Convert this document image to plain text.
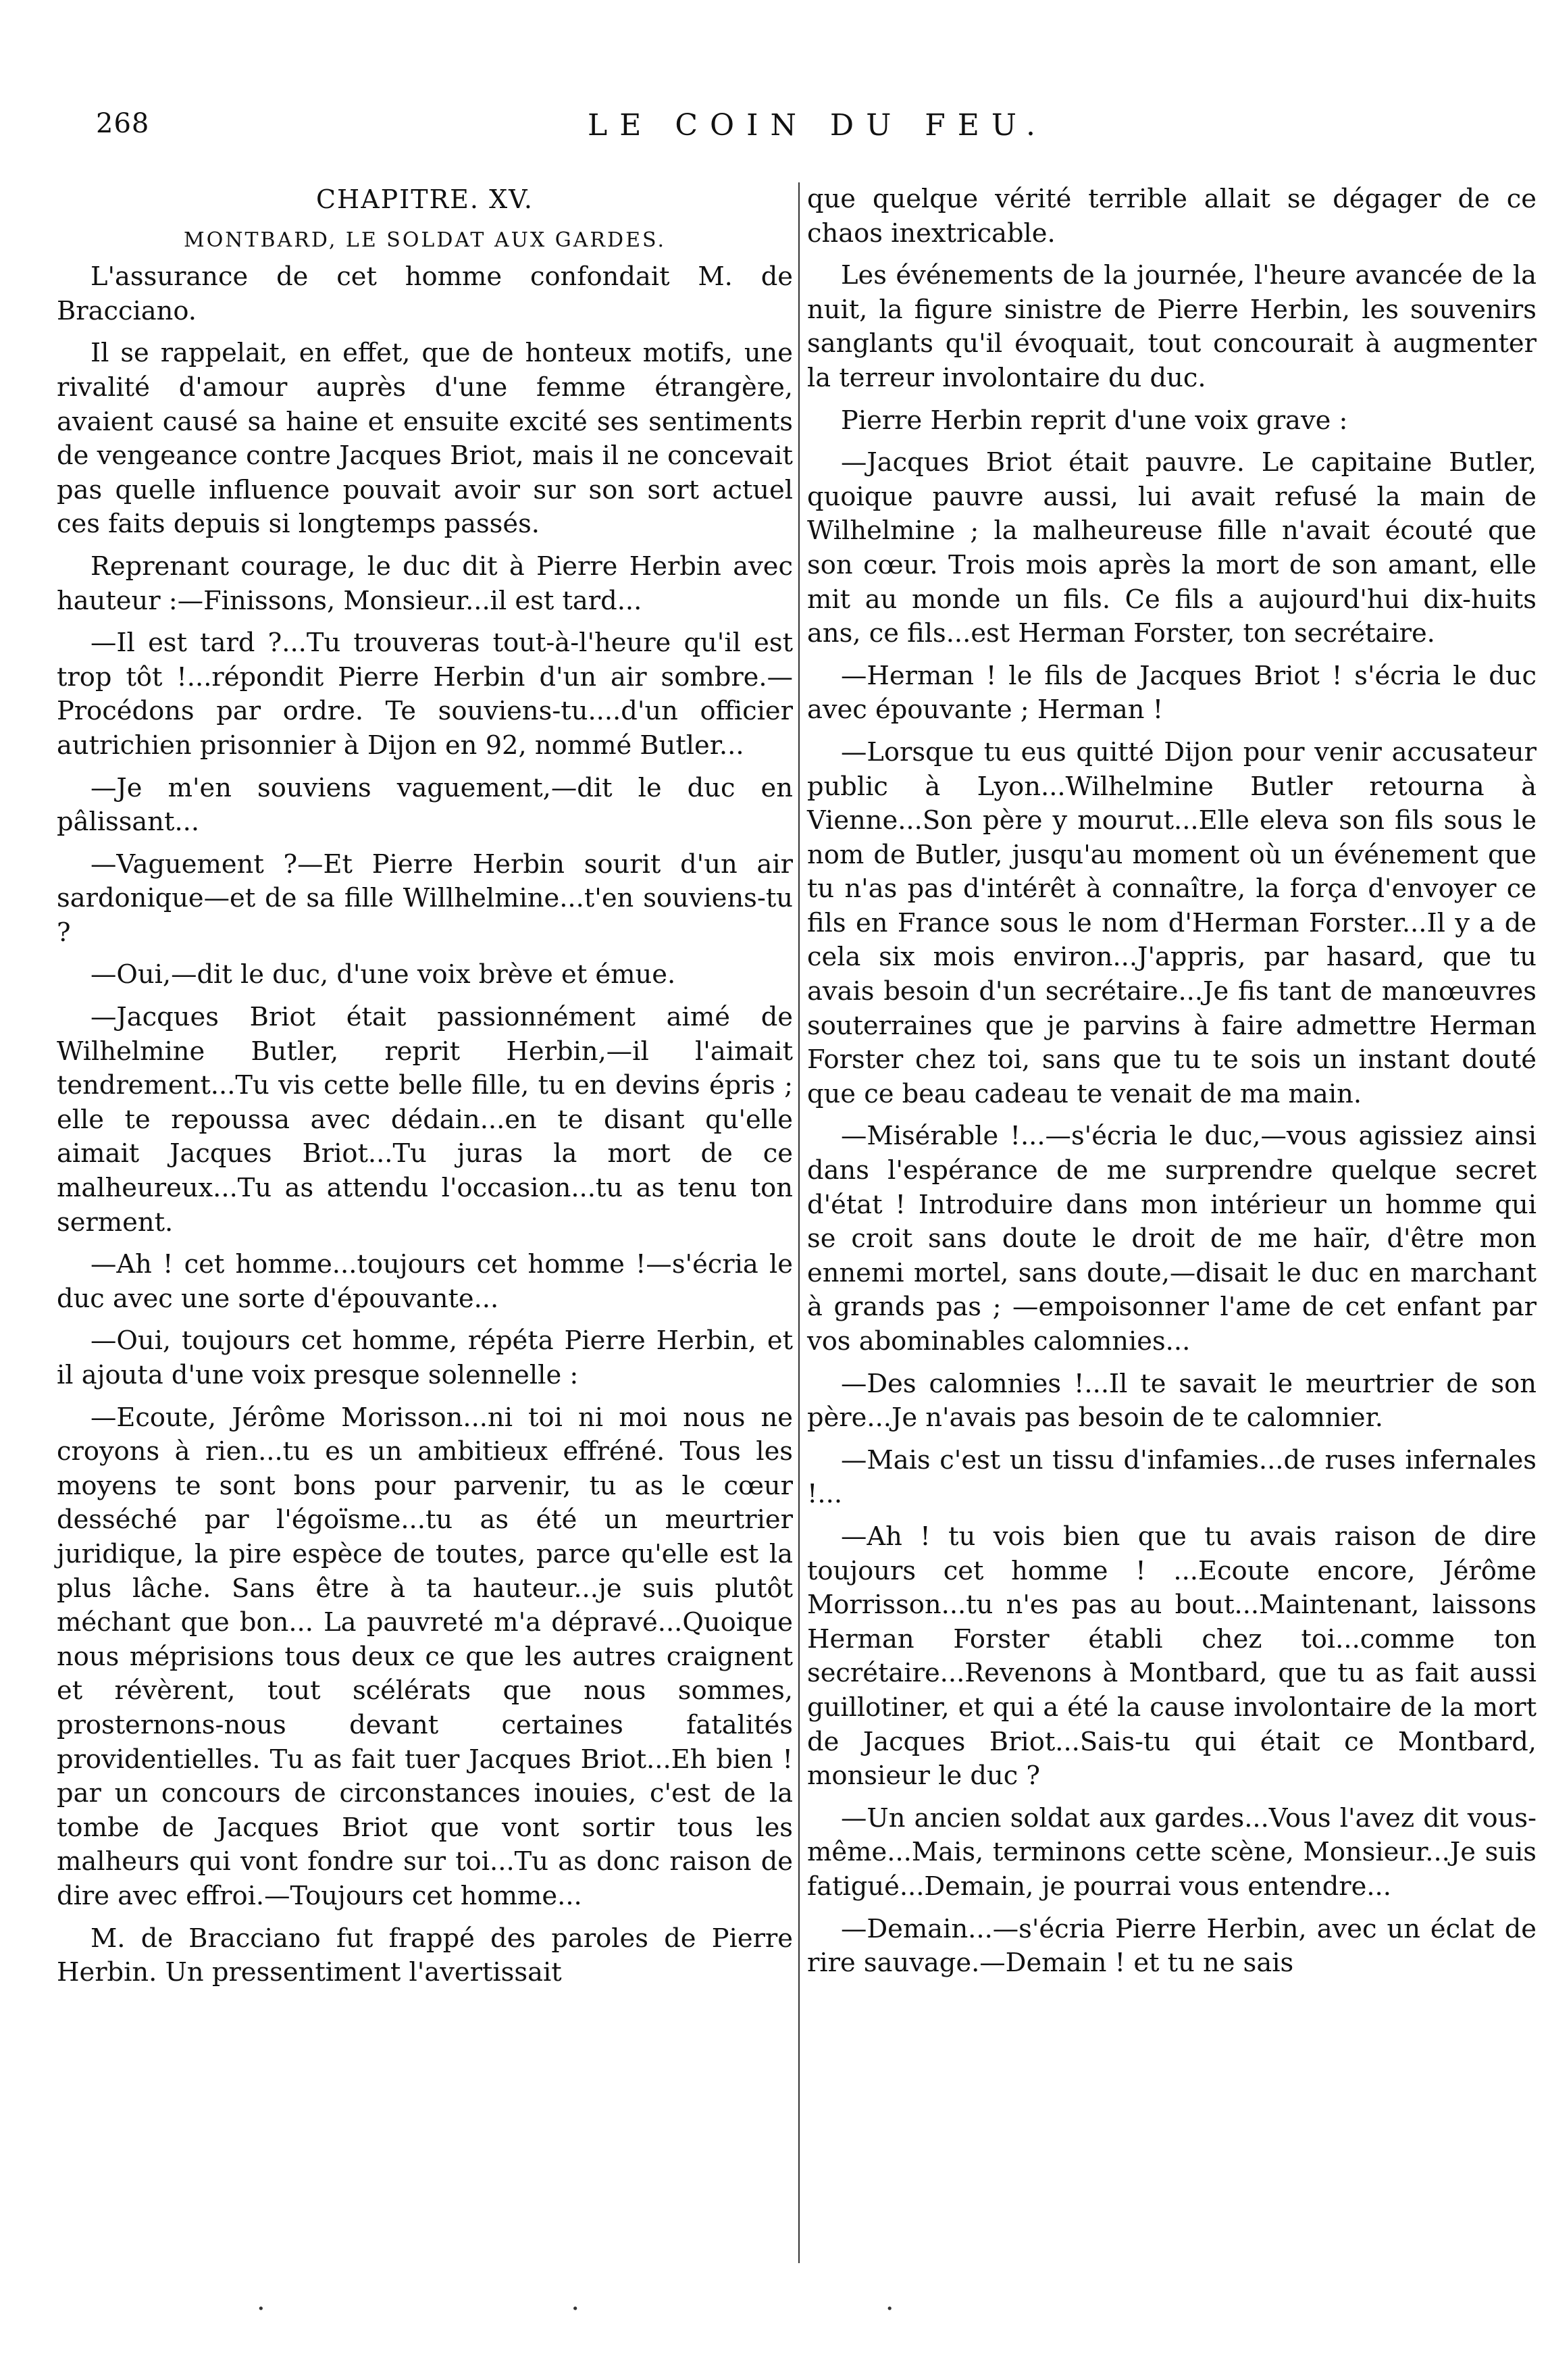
268	LE COIN DU FEU.
CHAPITRE. XV.
MONTBARD, LE SOLDAT AUX GARDES.

L'assurance de cet homme confondait M. de Bracciano.

Il se rappelait, en effet, que de honteux motifs, une rivalité d'amour auprès d'une femme étrangère, avaient causé sa haine et ensuite excité ses sentiments de vengeance contre Jacques Briot, mais il ne concevait pas quelle influence pouvait avoir sur son sort actuel ces faits depuis si longtemps passés.

Reprenant courage, le duc dit à Pierre Herbin avec hauteur :—Finissons, Monsieur...il est tard...

—Il est tard ?...Tu trouveras tout-à-l'heure qu'il est trop tôt !...répondit Pierre Herbin d'un air sombre.—Procédons par ordre. Te souviens-tu....d'un officier autrichien prisonnier à Dijon en 92, nommé Butler...

—Je m'en souviens vaguement,—dit le duc en pâlissant...

—Vaguement ?—Et Pierre Herbin sourit d'un air sardonique—et de sa fille Willhelmine...t'en souviens-tu ?

—Oui,—dit le duc, d'une voix brève et émue.

—Jacques Briot était passionnément aimé de Wilhelmine Butler, reprit Herbin,—il l'aimait tendrement...Tu vis cette belle fille, tu en devins épris ; elle te repoussa avec dédain...en te disant qu'elle aimait Jacques Briot...Tu juras la mort de ce malheureux...Tu as attendu l'occasion...tu as tenu ton serment.

—Ah ! cet homme...toujours cet homme !—s'écria le duc avec une sorte d'épouvante...

—Oui, toujours cet homme, répéta Pierre Herbin, et il ajouta d'une voix presque solennelle :

—Ecoute, Jérôme Morisson...ni toi ni moi nous ne croyons à rien...tu es un ambitieux effréné. Tous les moyens te sont bons pour parvenir, tu as le cœur desséché par l'égoïsme...tu as été un meurtrier juridique, la pire espèce de toutes, parce qu'elle est la plus lâche. Sans être à ta hauteur...je suis plutôt méchant que bon... La pauvreté m'a dépravé...Quoique nous méprisions tous deux ce que les autres craignent et révèrent, tout scélérats que nous sommes, prosternons-nous devant certaines fatalités providentielles. Tu as fait tuer Jacques Briot...Eh bien ! par un concours de circonstances inouies, c'est de la tombe de Jacques Briot que vont sortir tous les malheurs qui vont fondre sur toi...Tu as donc raison de dire avec effroi.—Toujours cet homme...

M. de Bracciano fut frappé des paroles de Pierre Herbin. Un pressentiment l'avertissait

que quelque vérité terrible allait se dégager de ce chaos inextricable.

Les événements de la journée, l'heure avancée de la nuit, la figure sinistre de Pierre Herbin, les souvenirs sanglants qu'il évoquait, tout concourait à augmenter la terreur involontaire du duc.

Pierre Herbin reprit d'une voix grave :

—Jacques Briot était pauvre. Le capitaine Butler, quoique pauvre aussi, lui avait refusé la main de Wilhelmine ; la malheureuse fille n'avait écouté que son cœur. Trois mois après la mort de son amant, elle mit au monde un fils. Ce fils a aujourd'hui dix-huits ans, ce fils...est Herman Forster, ton secrétaire.

—Herman ! le fils de Jacques Briot ! s'écria le duc avec épouvante ; Herman !

—Lorsque tu eus quitté Dijon pour venir accusateur public à Lyon...Wilhelmine Butler retourna à Vienne...Son père y mourut...Elle eleva son fils sous le nom de Butler, jusqu'au moment où un événement que tu n'as pas d'intérêt à connaître, la força d'envoyer ce fils en France sous le nom d'Herman Forster...Il y a de cela six mois environ...J'appris, par hasard, que tu avais besoin d'un secrétaire...Je fis tant de manœuvres souterraines que je parvins à faire admettre Herman Forster chez toi, sans que tu te sois un instant douté que ce beau cadeau te venait de ma main.

—Misérable !...—s'écria le duc,—vous agissiez ainsi dans l'espérance de me surprendre quelque secret d'état ! Introduire dans mon intérieur un homme qui se croit sans doute le droit de me haïr, d'être mon ennemi mortel, sans doute,—disait le duc en marchant à grands pas ; —empoisonner l'ame de cet enfant par vos abominables calomnies...

—Des calomnies !...Il te savait le meurtrier de son père...Je n'avais pas besoin de te calomnier.

—Mais c'est un tissu d'infamies...de ruses infernales !...

—Ah ! tu vois bien que tu avais raison de dire toujours cet homme ! ...Ecoute encore, Jérôme Morrisson...tu n'es pas au bout...Maintenant, laissons Herman Forster établi chez toi...comme ton secrétaire...Revenons à Montbard, que tu as fait aussi guillotiner, et qui a été la cause involontaire de la mort de Jacques Briot...Sais-tu qui était ce Montbard, monsieur le duc ?

—Un ancien soldat aux gardes...Vous l'avez dit vous-même...Mais, terminons cette scène, Monsieur...Je suis fatigué...Demain, je pourrai vous entendre...

—Demain...—s'écria Pierre Herbin, avec un éclat de rire sauvage.—Demain ! et tu ne sais

· · ·
